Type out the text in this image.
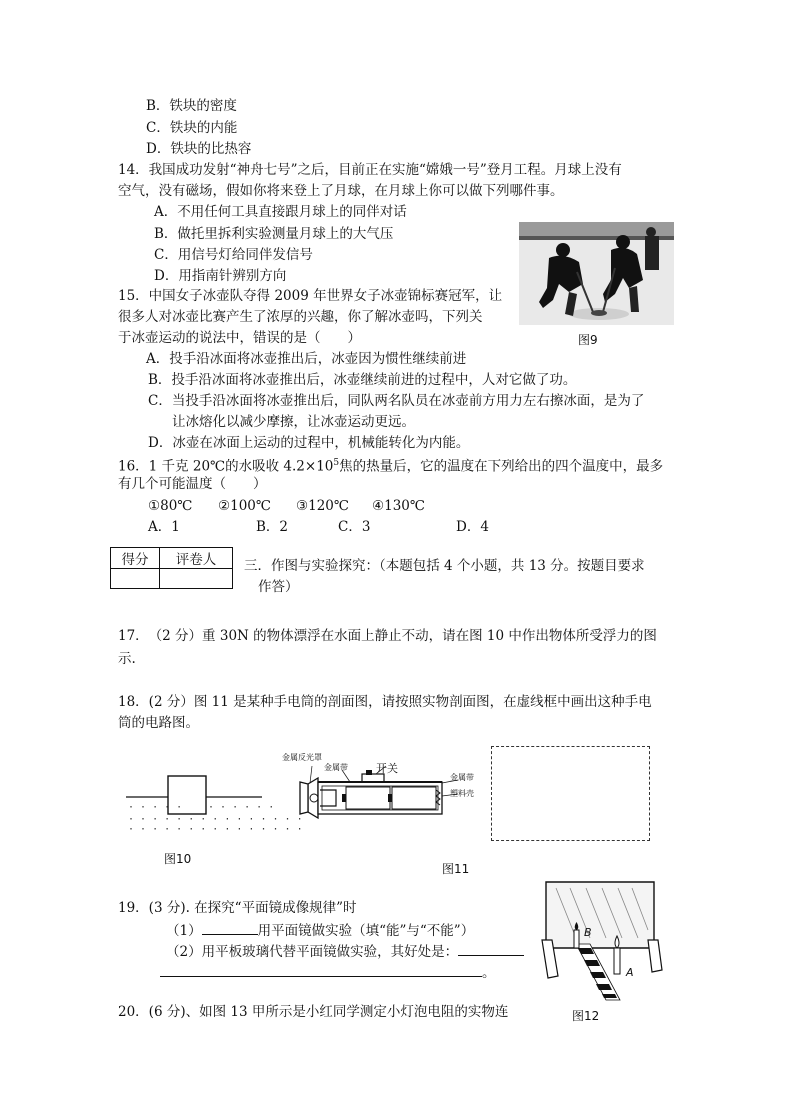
B．铁块的密度
C．铁块的内能
D．铁块的比热容
14．我国成功发射“神舟七号”之后，目前正在实施“嫦娥一号”登月工程。月球上没有
空气，没有磁场，假如你将来登上了月球，在月球上你可以做下列哪件事。
A．不用任何工具直接跟月球上的同伴对话
B．做托里拆利实验测量月球上的大气压
C．用信号灯给同伴发信号
D．用指南针辨别方向
图9
15．中国女子冰壶队夺得 2009 年世界女子冰壶锦标赛冠军，让
很多人对冰壶比赛产生了浓厚的兴趣，你了解冰壶吗，下列关
于冰壶运动的说法中，错误的是（　　）
A．投手沿冰面将冰壶推出后，冰壶因为惯性继续前进
B．投手沿冰面将冰壶推出后，冰壶继续前进的过程中，人对它做了功。
C．当投手沿冰面将冰壶推出后，同队两名队员在冰壶前方用力左右擦冰面，是为了
让冰熔化以减少摩擦，让冰壶运动更远。
D．冰壶在冰面上运动的过程中，机械能转化为内能。
16．1 千克 20℃的水吸收 $4.2\times 10^5$焦的热量后，它的温度在下列给出的四个温度中，最多
有几个可能温度（　　）
①80℃ ②100℃ ③120℃ ④130℃
A．1	B．2	C．3	D．4
得分	评卷人
	三．作图与实验探究：（本题包括 4 个小题，共 13 分。按题目要求
作答）
17．　（2 分）重 30N 的物体漂浮在水面上静止不动，请在图 10 中作出物体所受浮力的图
示.
18．(2 分）图 11 是某种手电筒的剖面图，请按照实物剖面图，在虚线框中画出这种手电
筒的电路图。
· · · · ·	· · · · · ·
· · · · · · · · · · · · · · ·
· · · · · · · · · · · · · · ·
图10
金属反光罩
金属带	开关
金属带
塑料壳
图11
19．(3 分). 在探究“平面镜成像规律”时
（1）	用平面镜做实验（填“能”与“不能”）
（2）用平板玻璃代替平面镜做实验，其好处是：
。
B
A
图12
20．(6 分)、如图 13 甲所示是小红同学测定小灯泡电阻的实物连
